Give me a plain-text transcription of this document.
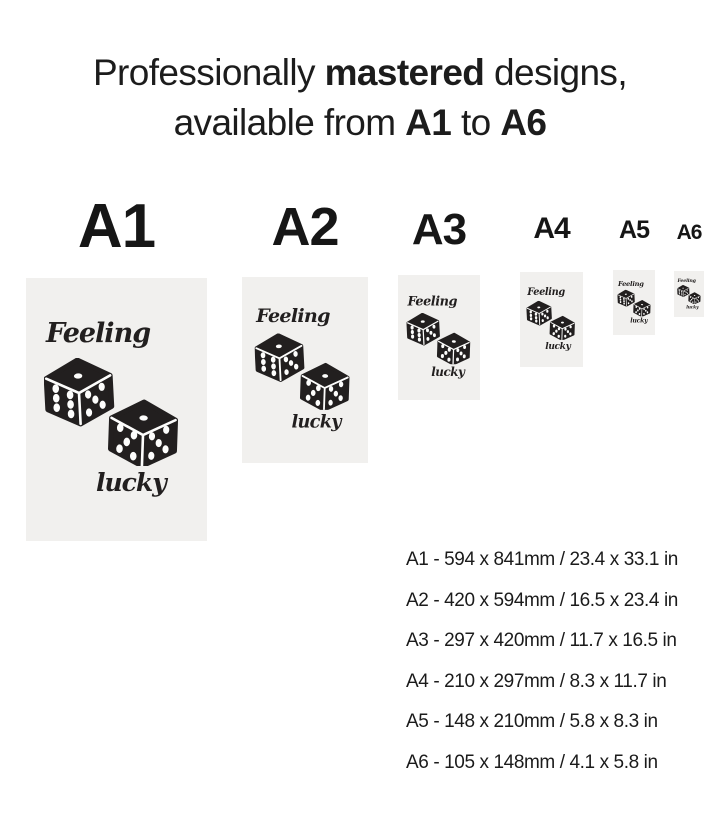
Professionally mastered designs,
available from A1 to A6
A1
Feeling
lucky
A2
Feeling
lucky
A3
Feeling
lucky
A4
Feeling
lucky
A5
Feeling
lucky
A6
Feeling
lucky
A1 - 594 x 841mm / 23.4 x 33.1 in
A2 - 420 x 594mm / 16.5 x 23.4 in
A3 - 297 x 420mm / 11.7 x 16.5 in
A4 - 210 x 297mm / 8.3 x 11.7 in
A5 - 148 x 210mm / 5.8 x 8.3 in
A6 - 105 x 148mm / 4.1 x 5.8 in
